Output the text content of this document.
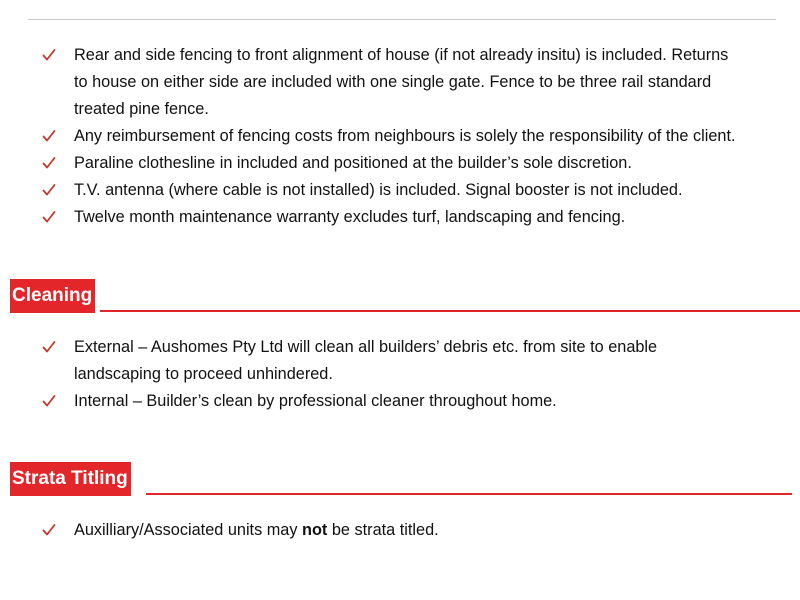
Rear and side fencing to front alignment of house (if not already insitu) is included. Returns
to house on either side are included with one single gate. Fence to be three rail standard
treated pine fence.
Any reimbursement of fencing costs from neighbours is solely the responsibility of the client.
Paraline clothesline in included and positioned at the builder’s sole discretion.
T.V. antenna (where cable is not installed) is included. Signal booster is not included.
Twelve month maintenance warranty excludes turf, landscaping and fencing.
Cleaning
External – Aushomes Pty Ltd will clean all builders’ debris etc. from site to enable
landscaping to proceed unhindered.
Internal – Builder’s clean by professional cleaner throughout home.
Strata Titling
Auxilliary/Associated units may not be strata titled.
